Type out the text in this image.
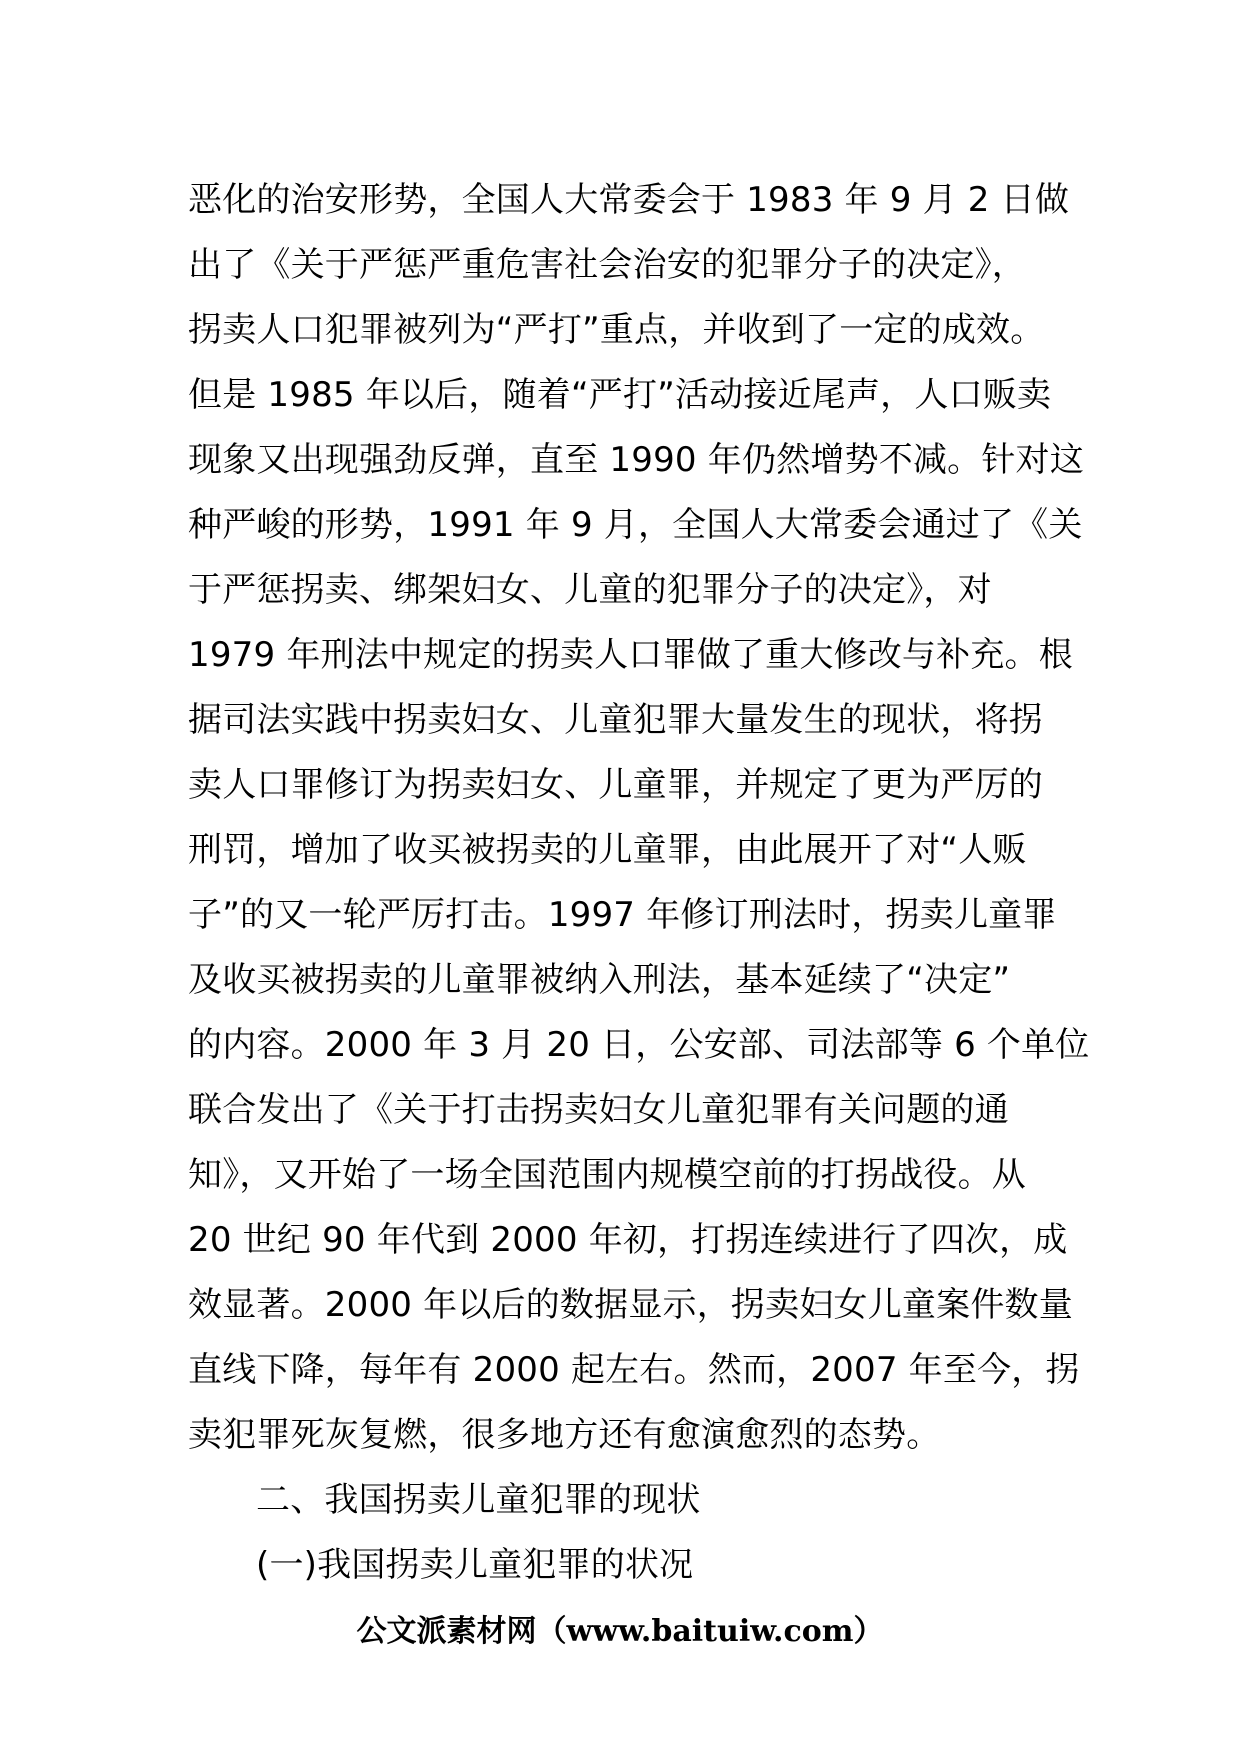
恶化的治安形势，全国人大常委会于 1983 年 9 月 2 日做
出了《关于严惩严重危害社会治安的犯罪分子的决定》，
拐卖人口犯罪被列为“严打”重点，并收到了一定的成效。
但是 1985 年以后，随着“严打”活动接近尾声，人口贩卖
现象又出现强劲反弹，直至 1990 年仍然增势不减。针对这
种严峻的形势，1991 年 9 月，全国人大常委会通过了《关
于严惩拐卖、绑架妇女、儿童的犯罪分子的决定》，对
1979 年刑法中规定的拐卖人口罪做了重大修改与补充。根
据司法实践中拐卖妇女、儿童犯罪大量发生的现状，将拐
卖人口罪修订为拐卖妇女、儿童罪，并规定了更为严厉的
刑罚，增加了收买被拐卖的儿童罪，由此展开了对“人贩
子”的又一轮严厉打击。1997 年修订刑法时，拐卖儿童罪
及收买被拐卖的儿童罪被纳入刑法，基本延续了“决定”
的内容。2000 年 3 月 20 日，公安部、司法部等 6 个单位
联合发出了《关于打击拐卖妇女儿童犯罪有关问题的通
知》，又开始了一场全国范围内规模空前的打拐战役。从
20 世纪 90 年代到 2000 年初，打拐连续进行了四次，成
效显著。2000 年以后的数据显示，拐卖妇女儿童案件数量
直线下降，每年有 2000 起左右。然而，2007 年至今，拐
卖犯罪死灰复燃，很多地方还有愈演愈烈的态势。
二、我国拐卖儿童犯罪的现状
(一)我国拐卖儿童犯罪的状况
公文派素材网（www.baituiw.com）
